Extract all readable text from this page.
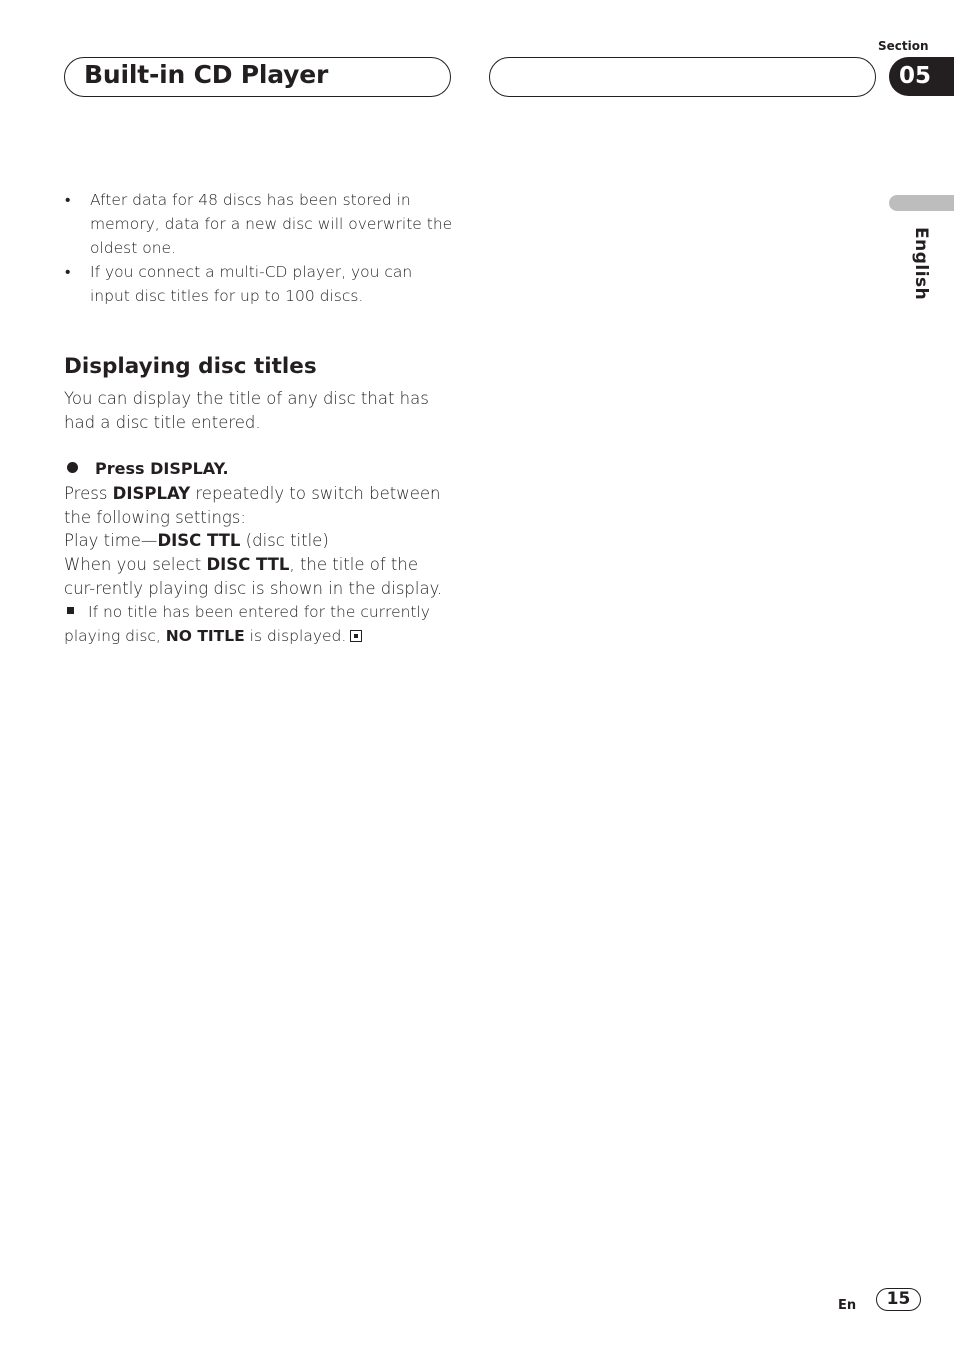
Built-in CD Player
Section
05
English
• After data for 48 discs has been stored in memory, data for a new disc will overwrite the oldest one.
• If you connect a multi-CD player, you can input disc titles for up to 100 discs.
Displaying disc titles
You can display the title of any disc that has had a disc title entered.
Press DISPLAY.
Press DISPLAY repeatedly to switch between the following settings:
Play time—DISC TTL (disc title)
When you select DISC TTL, the title of the cur-rently playing disc is shown in the display.
If no title has been entered for the currently playing disc, NO TITLE is displayed.
En	15
